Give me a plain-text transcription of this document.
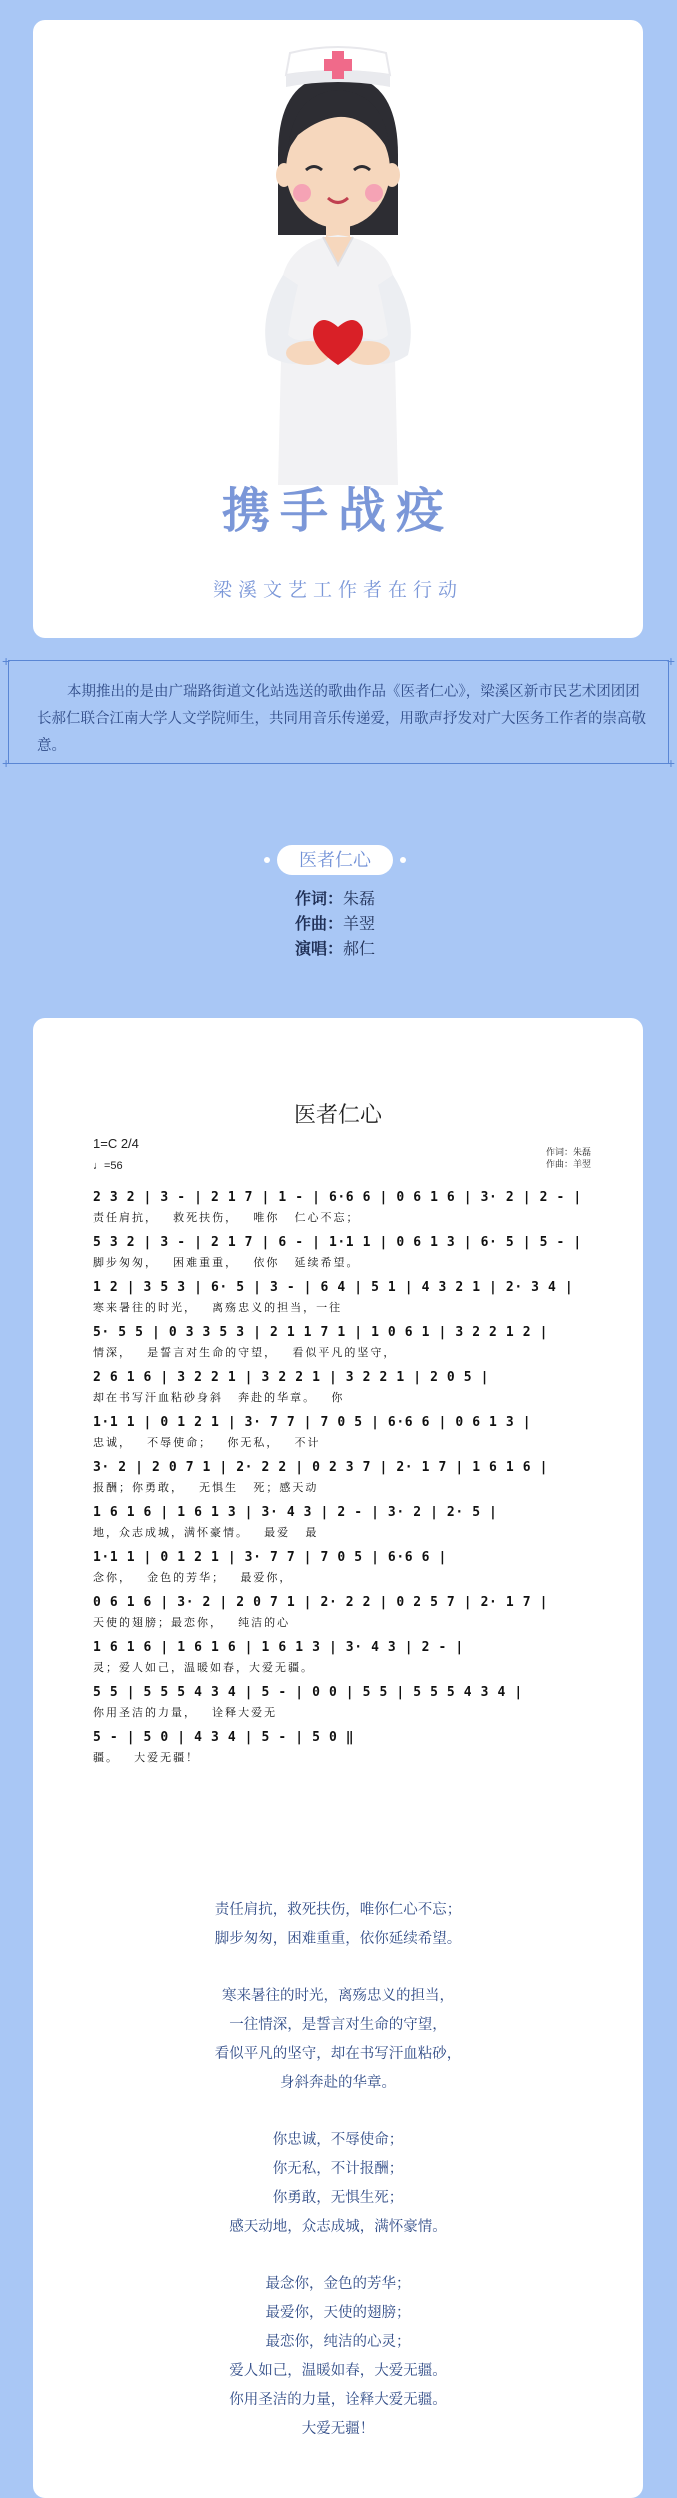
携手战疫
梁溪文艺工作者在行动
+	+
+	+
本期推出的是由广瑞路街道文化站选送的歌曲作品《医者仁心》，梁溪区新市民艺术团团团长郝仁联合江南大学人文学院师生，共同用音乐传递爱，用歌声抒发对广大医务工作者的崇高敬意。
医者仁心
作词：朱磊
作曲：羊翌
演唱：郝仁
医者仁心
1=C 2/4
♩=56
作词：朱磊
作曲：羊翌
2 3 2 | 3 - | 2 1 7 | 1 - | 6·6 6 | 0 6 1 6 | 3· 2 | 2 - |
责任肩抗，   救死扶伤，   唯你   仁心不忘；
5 3 2 | 3 - | 2 1 7 | 6 - | 1·1 1 | 0 6 1 3 | 6· 5 | 5 - |
脚步匆匆，   困难重重，   依你   延续希望。
1 2 | 3 5 3 | 6· 5 | 3 - | 6 4 | 5 1 | 4 3 2 1 | 2· 3 4 |
寒来暑往的时光，   离殇忠义的担当，一往
5· 5 5 | 0 3 3 5 3 | 2 1 1 7 1 | 1 0 6 1 | 3 2 2 1 2 |
情深，   是誓言对生命的守望，   看似平凡的坚守，
2 6 1 6 | 3 2 2 1 | 3 2 2 1 | 3 2 2 1 | 2 0 5 |
却在书写汗血粘砂身斜   奔赴的华章。   你
1·1 1 | 0 1 2 1 | 3· 7 7 | 7 0 5 | 6·6 6 | 0 6 1 3 |
忠诚，   不辱使命；   你无私，   不计
3· 2 | 2 0 7 1 | 2· 2 2 | 0 2 3 7 | 2· 1 7 | 1 6 1 6 |
报酬；你勇敢，   无惧生   死；感天动
1 6 1 6 | 1 6 1 3 | 3· 4 3 | 2 - | 3· 2 | 2· 5 |
地，众志成城，满怀豪情。   最爱   最
1·1 1 | 0 1 2 1 | 3· 7 7 | 7 0 5 | 6·6 6 |
念你，   金色的芳华；   最爱你，
0 6 1 6 | 3· 2 | 2 0 7 1 | 2· 2 2 | 0 2 5 7 | 2· 1 7 |
天使的翅膀；最恋你，   纯洁的心
1 6 1 6 | 1 6 1 6 | 1 6 1 3 | 3· 4 3 | 2 - |
灵；爱人如己，温暖如春，大爱无疆。
5 5 | 5 5 5 4 3 4 | 5 - | 0 0 | 5 5 | 5 5 5 4 3 4 |
你用圣洁的力量，   诠释大爱无
5 - | 5 0 | 4 3 4 | 5 - | 5 0 ‖
疆。   大爱无疆！
责任肩抗，救死扶伤，唯你仁心不忘；
脚步匆匆，困难重重，依你延续希望。
寒来暑往的时光，离殇忠义的担当，
一往情深，是誓言对生命的守望，
看似平凡的坚守，却在书写汗血粘砂，
身斜奔赴的华章。
你忠诚，不辱使命；
你无私，不计报酬；
你勇敢，无惧生死；
感天动地，众志成城，满怀豪情。
最念你，金色的芳华；
最爱你，天使的翅膀；
最恋你，纯洁的心灵；
爱人如己，温暖如春，大爱无疆。
你用圣洁的力量，诠释大爱无疆。
大爱无疆！
